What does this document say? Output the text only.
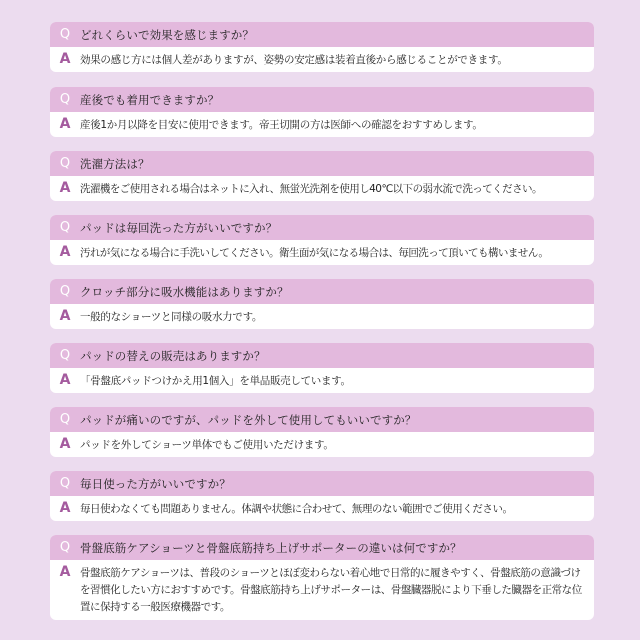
Q どれくらいで効果を感じますか？
A 効果の感じ方には個人差がありますが、姿勢の安定感は装着直後から感じることができます。
Q 産後でも着用できますか？
A 産後1か月以降を目安に使用できます。帝王切開の方は医師への確認をおすすめします。
Q 洗濯方法は？
A 洗濯機をご使用される場合はネットに入れ、無蛍光洗剤を使用し40℃以下の弱水流で洗ってください。
Q パッドは毎回洗った方がいいですか？
A 汚れが気になる場合に手洗いしてください。衛生面が気になる場合は、毎回洗って頂いても構いません。
Q クロッチ部分に吸水機能はありますか？
A 一般的なショーツと同様の吸水力です。
Q パッドの替えの販売はありますか？
A 「骨盤底パッドつけかえ用1個入」を単品販売しています。
Q パッドが痛いのですが、パッドを外して使用してもいいですか？
A パッドを外してショーツ単体でもご使用いただけます。
Q 毎日使った方がいいですか？
A 毎日使わなくても問題ありません。体調や状態に合わせて、無理のない範囲でご使用ください。
Q 骨盤底筋ケアショーツと骨盤底筋持ち上げサポーターの違いは何ですか？
A 骨盤底筋ケアショーツは、普段のショーツとほぼ変わらない着心地で日常的に履きやすく、骨盤底筋の意識づけを習慣化したい方におすすめです。骨盤底筋持ち上げサポーターは、骨盤臓器脱により下垂した臓器を正常な位置に保持する一般医療機器です。
